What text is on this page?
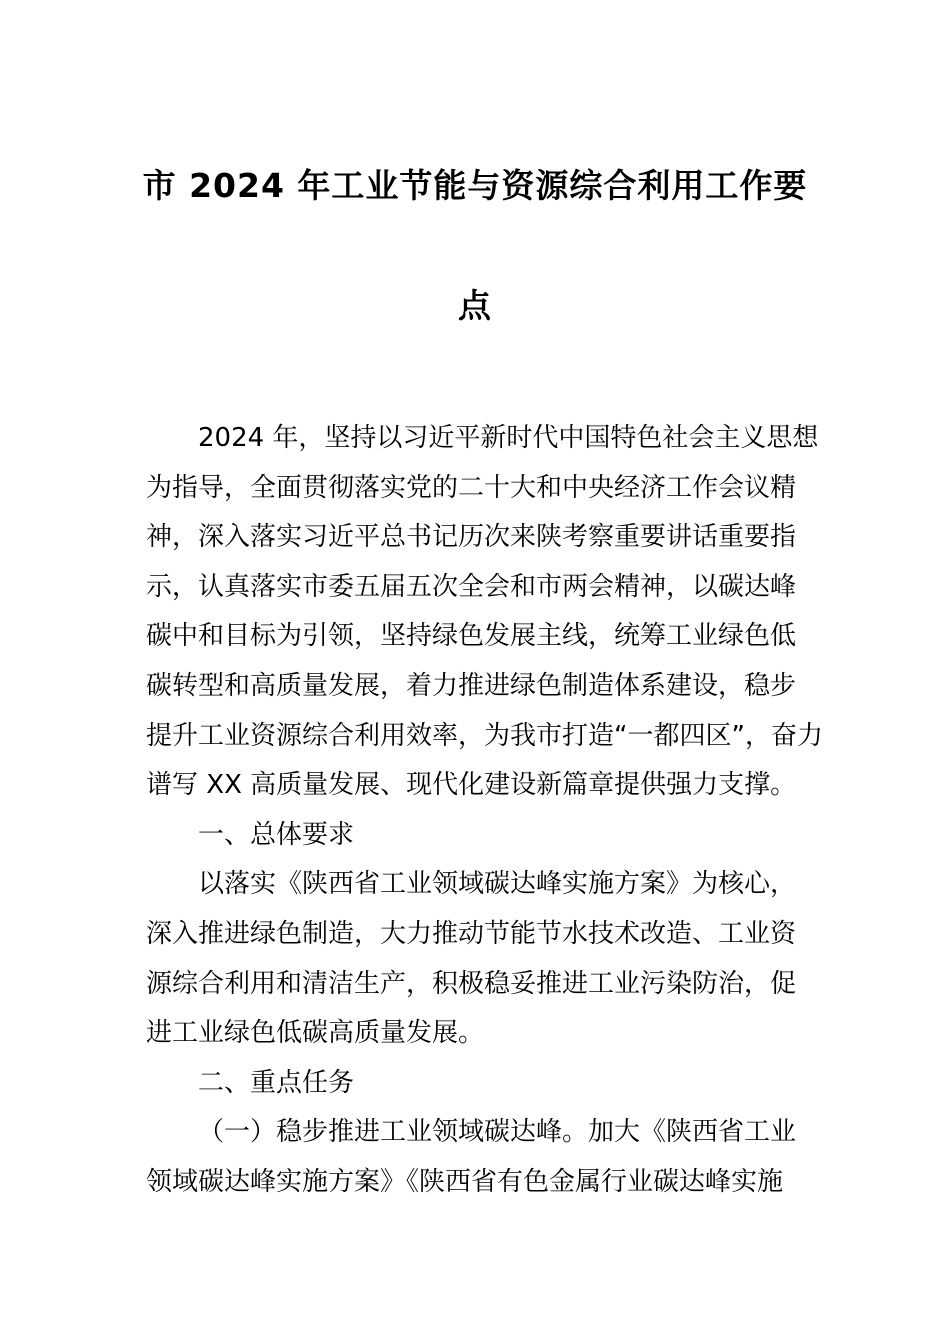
市 2024 年工业节能与资源综合利用工作要
点
2024 年，坚持以习近平新时代中国特色社会主义思想
为指导，全面贯彻落实党的二十大和中央经济工作会议精
神，深入落实习近平总书记历次来陕考察重要讲话重要指
示，认真落实市委五届五次全会和市两会精神，以碳达峰
碳中和目标为引领，坚持绿色发展主线，统筹工业绿色低
碳转型和高质量发展，着力推进绿色制造体系建设，稳步
提升工业资源综合利用效率，为我市打造“一都四区”，奋力
谱写 XX 高质量发展、现代化建设新篇章提供强力支撑。
一、总体要求
以落实《陕西省工业领域碳达峰实施方案》为核心，
深入推进绿色制造，大力推动节能节水技术改造、工业资
源综合利用和清洁生产，积极稳妥推进工业污染防治，促
进工业绿色低碳高质量发展。
二、重点任务
（一）稳步推进工业领域碳达峰。加大《陕西省工业
领域碳达峰实施方案》《陕西省有色金属行业碳达峰实施
